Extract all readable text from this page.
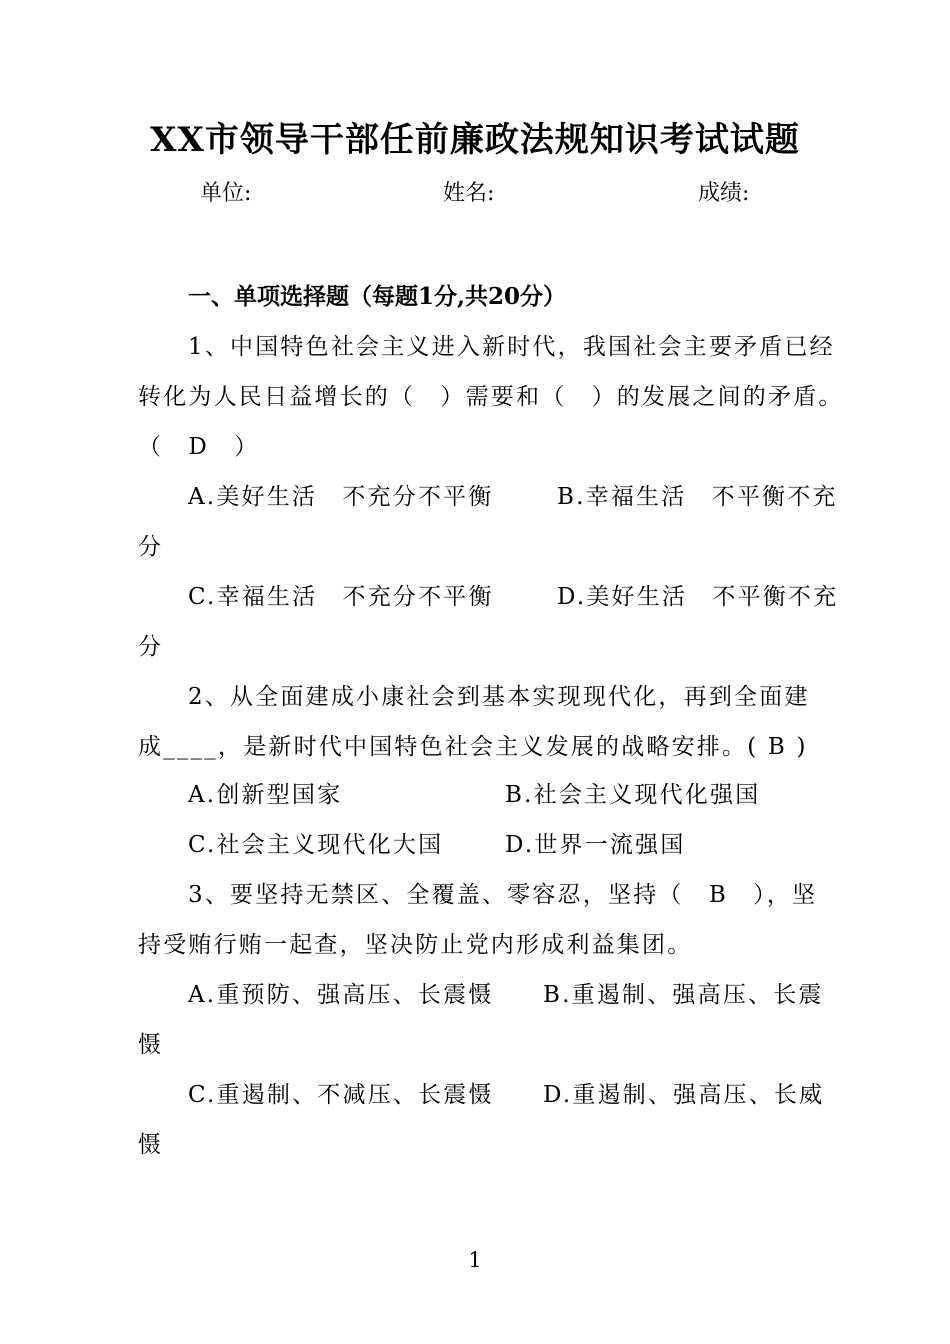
XX市领导干部任前廉政法规知识考试试题
单位:	姓名:	成绩:
一、单项选择题（每题1分,共20分）
1、中国特色社会主义进入新时代，我国社会主要矛盾已经
转化为人民日益增长的（　）需要和（　）的发展之间的矛盾。
（　D　）
A.美好生活　不充分不平衡	B.幸福生活　不平衡不充
分
C.幸福生活　不充分不平衡	D.美好生活　不平衡不充
分
2、从全面建成小康社会到基本实现现代化，再到全面建
成____，是新时代中国特色社会主义发展的战略安排。( B )
A.创新型国家	B.社会主义现代化强国
C.社会主义现代化大国	D.世界一流强国
3、要坚持无禁区、全覆盖、零容忍，坚持（　B　），坚
持受贿行贿一起查，坚决防止党内形成利益集团。
A.重预防、强高压、长震慑 B.重遏制、强高压、长震
慑
C.重遏制、不减压、长震慑 D.重遏制、强高压、长威
慑
1
